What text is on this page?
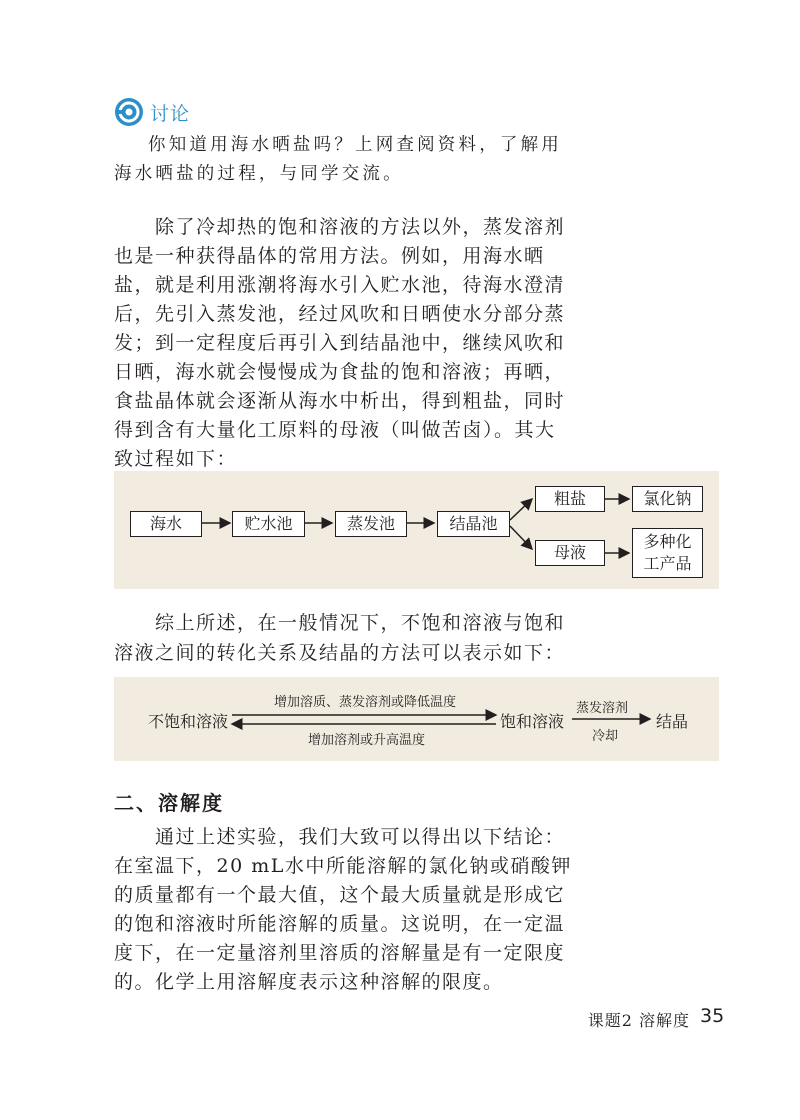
讨论
你知道用海水晒盐吗？上网查阅资料，了解用
海水晒盐的过程，与同学交流。
　　除了冷却热的饱和溶液的方法以外，蒸发溶剂
也是一种获得晶体的常用方法。例如，用海水晒
盐，就是利用涨潮将海水引入贮水池，待海水澄清
后，先引入蒸发池，经过风吹和日晒使水分部分蒸
发；到一定程度后再引入到结晶池中，继续风吹和
日晒，海水就会慢慢成为食盐的饱和溶液；再晒，
食盐晶体就会逐渐从海水中析出，得到粗盐，同时
得到含有大量化工原料的母液（叫做苦卤）。其大
致过程如下：
海水	贮水池	蒸发池	结晶池
粗盐	氯化钠
母液
多种化
工产品
　　综上所述，在一般情况下，不饱和溶液与饱和
溶液之间的转化关系及结晶的方法可以表示如下：
不饱和溶液
增加溶质、蒸发溶剂或降低温度
增加溶剂或升高温度
饱和溶液
蒸发溶剂
冷却
结晶
二、溶解度
　　通过上述实验，我们大致可以得出以下结论：
在室温下，20 mL水中所能溶解的氯化钠或硝酸钾
的质量都有一个最大值，这个最大质量就是形成它
的饱和溶液时所能溶解的质量。这说明，在一定温
度下，在一定量溶剂里溶质的溶解量是有一定限度
的。化学上用溶解度表示这种溶解的限度。
课题2 溶解度 35
